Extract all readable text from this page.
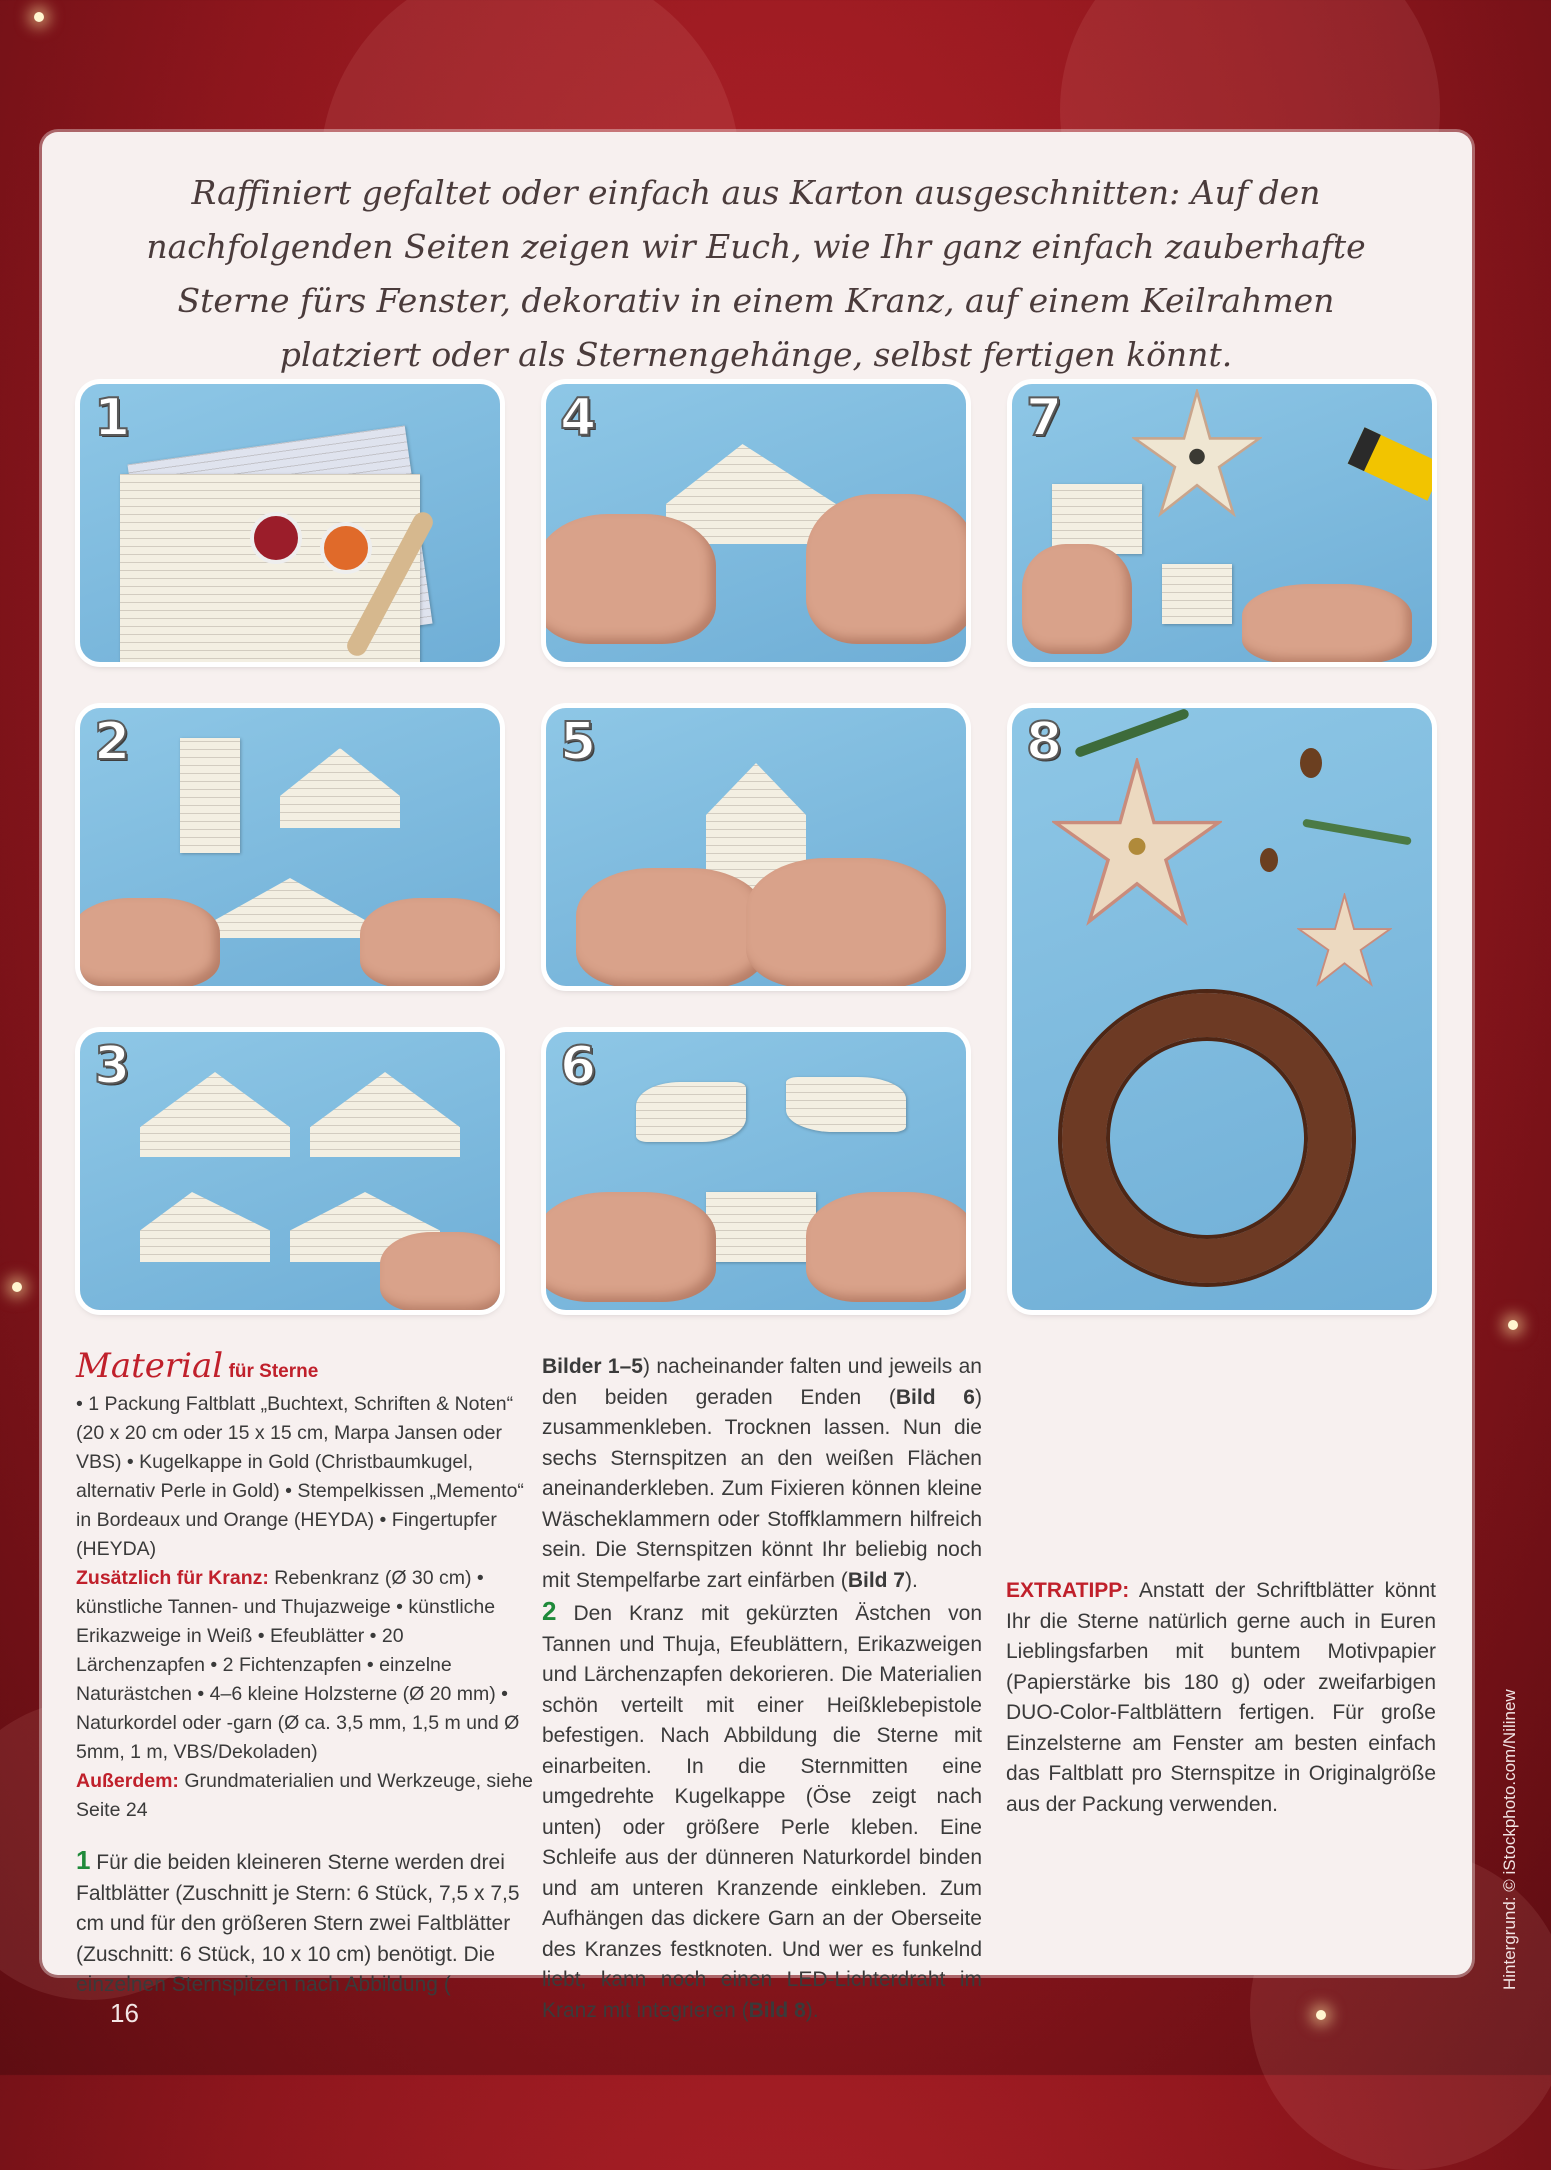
Raffiniert gefaltet oder einfach aus Karton ausgeschnitten: Auf den nachfolgenden Seiten zeigen wir Euch, wie Ihr ganz einfach zauberhafte Sterne fürs Fenster, dekorativ in einem Kranz, auf einem Keilrahmen platziert oder als Sternengehänge, selbst fertigen könnt.
1
2
3
4
5
6
7
8

Material für Sterne

• 1 Packung Faltblatt „Buchtext, Schriften & Noten“ (20 x 20 cm oder 15 x 15 cm, Marpa Jansen oder VBS) • Kugelkappe in Gold (Christbaumkugel, alternativ Perle in Gold) • Stempelkissen „Memento“ in Bordeaux und Orange (HEYDA) • Fingertupfer (HEYDA)
Zusätzlich für Kranz: Rebenkranz (Ø 30 cm) • künstliche Tannen- und Thujazweige • künstliche Erikazweige in Weiß • Efeublätter • 20 Lärchenzapfen • 2 Fichtenzapfen • einzelne Naturästchen • 4–6 kleine Holzsterne (Ø 20 mm) • Naturkordel oder -garn (Ø ca. 3,5 mm, 1,5 m und Ø 5mm, 1 m, VBS/Dekoladen)
Außerdem: Grundmaterialien und Werkzeuge, siehe Seite 24

1 Für die beiden kleineren Sterne werden drei Faltblätter (Zuschnitt je Stern: 6 Stück, 7,5 x 7,5 cm und für den größeren Stern zwei Faltblätter (Zuschnitt: 6 Stück, 10 x 10 cm) benötigt. Die einzelnen Sternspitzen nach Abbildung (

Bilder 1–5) nacheinander falten und jeweils an den beiden geraden Enden (Bild 6) zusammenkleben. Trocknen lassen. Nun die sechs Sternspitzen an den weißen Flächen aneinanderkleben. Zum Fixieren können kleine Wäscheklammern oder Stoffklammern hilfreich sein. Die Sternspitzen könnt Ihr beliebig noch mit Stempelfarbe zart einfärben (Bild 7).

2 Den Kranz mit gekürzten Ästchen von Tannen und Thuja, Efeublättern, Erikazweigen und Lärchenzapfen dekorieren. Die Materialien schön verteilt mit einer Heißklebepistole befestigen. Nach Abbildung die Sterne mit einarbeiten. In die Sternmitten eine umgedrehte Kugelkappe (Öse zeigt nach unten) oder größere Perle kleben. Eine Schleife aus der dünneren Naturkordel binden und am unteren Kranzende einkleben. Zum Aufhängen das dickere Garn an der Oberseite des Kranzes festknoten. Und wer es funkelnd liebt, kann noch einen LED-Lichterdraht im Kranz mit integrieren (Bild 8).

EXTRATIPP: Anstatt der Schriftblätter könnt Ihr die Sterne natürlich gerne auch in Euren Lieblingsfarben mit buntem Motivpapier (Papierstärke bis 180 g) oder zweifarbigen DUO-Color-Faltblättern fertigen. Für große Einzelsterne am Fenster am besten einfach das Faltblatt pro Sternspitze in Originalgröße aus der Packung verwenden.

16
Hintergrund: © iStockphoto.com/Nilinew
